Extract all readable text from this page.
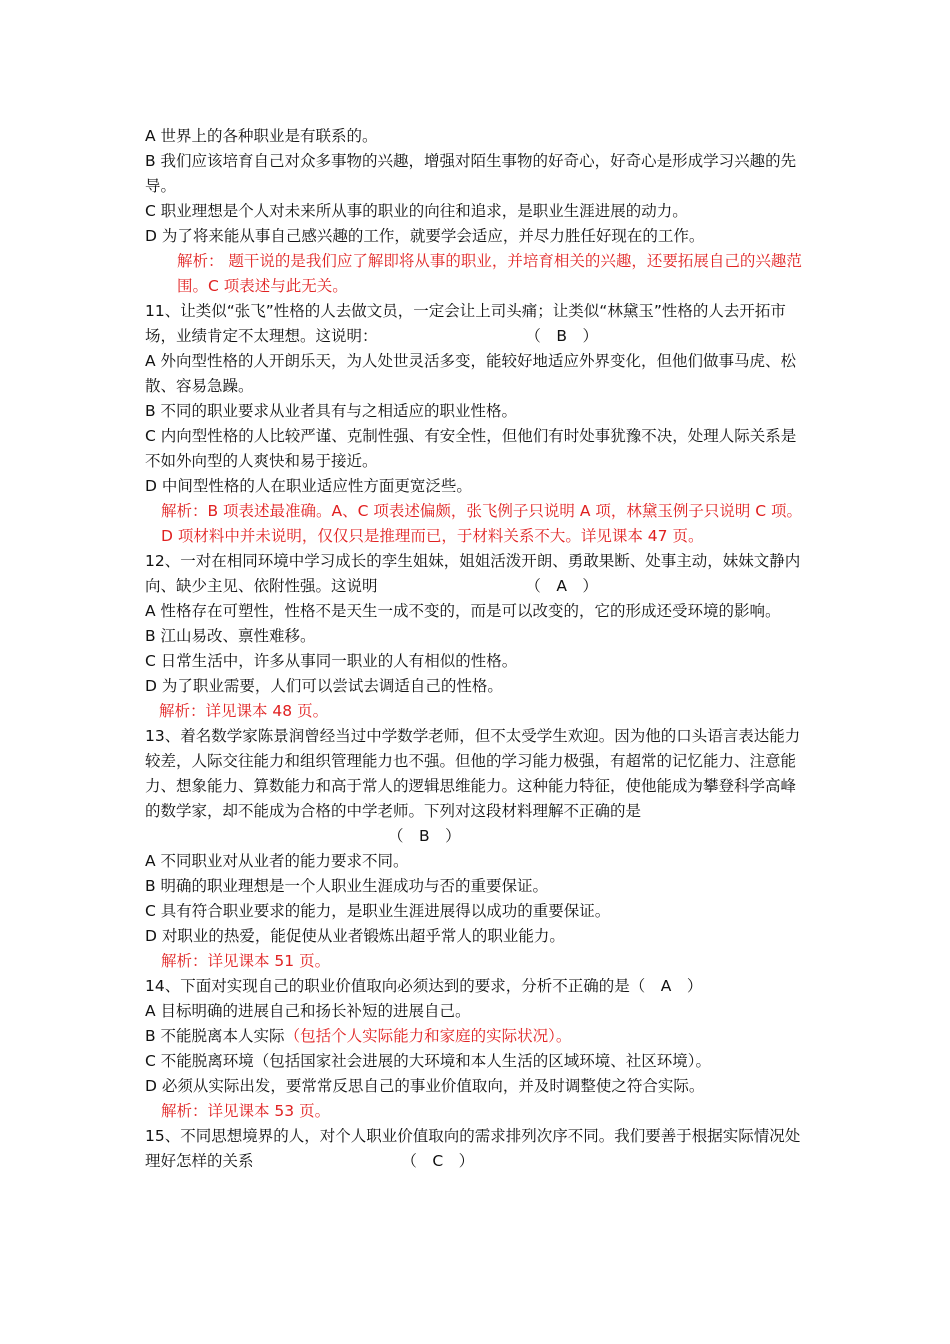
A 世界上的各种职业是有联系的。

B 我们应该培育自己对众多事物的兴趣，增强对陌生事物的好奇心，好奇心是形成学习兴趣的先导。

C 职业理想是个人对未来所从事的职业的向往和追求，是职业生涯进展的动力。

D 为了将来能从事自己感兴趣的工作，就要学会适应，并尽力胜任好现在的工作。

解析： 题干说的是我们应了解即将从事的职业，并培育相关的兴趣，还要拓展自己的兴趣范围。C 项表述与此无关。

11、让类似“张飞”性格的人去做文员，一定会让上司头痛；让类似“林黛玉”性格的人去开拓市场，业绩肯定不太理想。这说明：	（　B　）

A 外向型性格的人开朗乐天，为人处世灵活多变，能较好地适应外界变化，但他们做事马虎、松散、容易急躁。

B 不同的职业要求从业者具有与之相适应的职业性格。

C 内向型性格的人比较严谨、克制性强、有安全性，但他们有时处事犹豫不决，处理人际关系是不如外向型的人爽快和易于接近。

D 中间型性格的人在职业适应性方面更宽泛些。

解析：B 项表述最准确。A、C 项表述偏颇，张飞例子只说明 A 项，林黛玉例子只说明 C 项。D 项材料中并未说明，仅仅只是推理而已，于材料关系不大。详见课本 47 页。

12、一对在相同环境中学习成长的孪生姐妹，姐姐活泼开朗、勇敢果断、处事主动，妹妹文静内向、缺少主见、依附性强。这说明	（　A　）

A 性格存在可塑性，性格不是天生一成不变的，而是可以改变的，它的形成还受环境的影响。

B 江山易改、禀性难移。

C 日常生活中，许多从事同一职业的人有相似的性格。

D 为了职业需要，人们可以尝试去调适自己的性格。

解析：详见课本 48 页。

13、着名数学家陈景润曾经当过中学数学老师，但不太受学生欢迎。因为他的口头语言表达能力较差，人际交往能力和组织管理能力也不强。但他的学习能力极强，有超常的记忆能力、注意能力、想象能力、算数能力和高于常人的逻辑思维能力。这种能力特征，使他能成为攀登科学高峰的数学家，却不能成为合格的中学老师。下列对这段材料理解不正确的是

（　B　）

A 不同职业对从业者的能力要求不同。

B 明确的职业理想是一个人职业生涯成功与否的重要保证。

C 具有符合职业要求的能力，是职业生涯进展得以成功的重要保证。

D 对职业的热爱，能促使从业者锻炼出超乎常人的职业能力。

解析：详见课本 51 页。

14、下面对实现自己的职业价值取向必须达到的要求，分析不正确的是（　A　）

A 目标明确的进展自己和扬长补短的进展自己。

B 不能脱离本人实际（包括个人实际能力和家庭的实际状况）。

C 不能脱离环境（包括国家社会进展的大环境和本人生活的区域环境、社区环境）。

D 必须从实际出发，要常常反思自己的事业价值取向，并及时调整使之符合实际。

解析：详见课本 53 页。

15、不同思想境界的人，对个人职业价值取向的需求排列次序不同。我们要善于根据实际情况处理好怎样的关系	（　C　）
